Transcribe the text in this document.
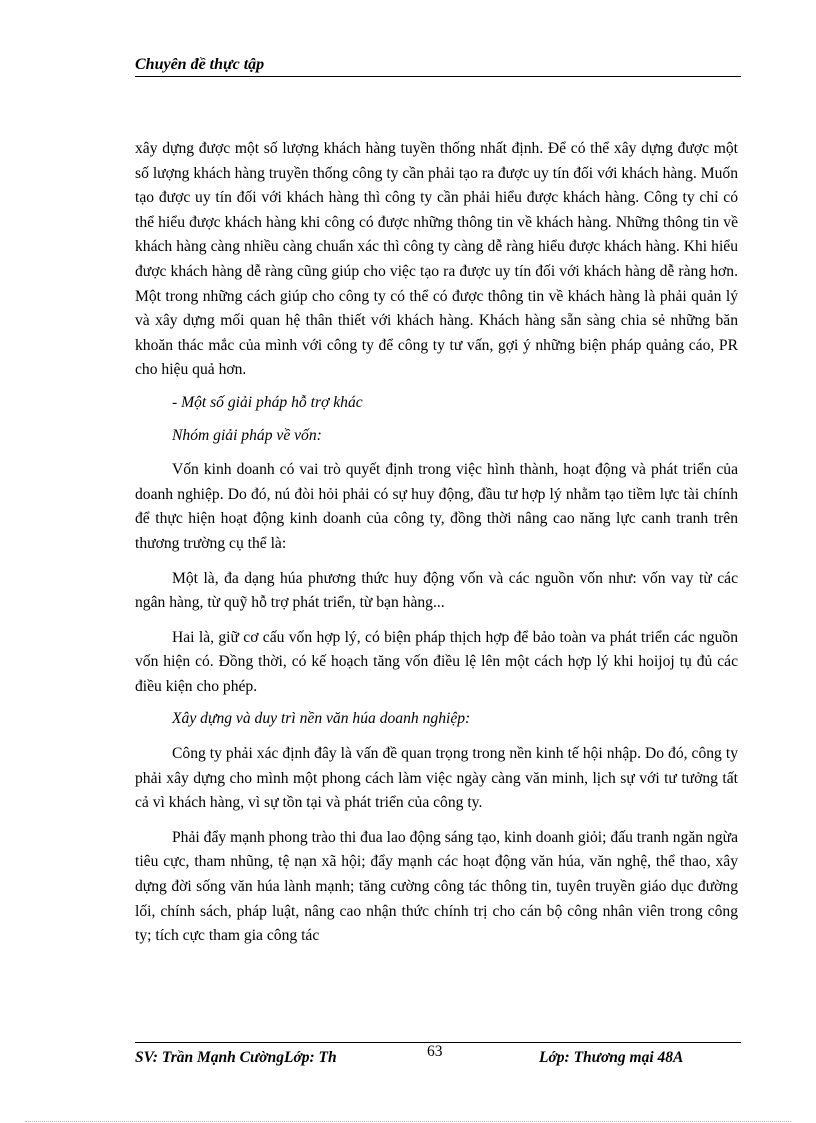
Chuyên đề thực tập

xây dựng được một số lượng khách hàng tuyền thống nhất định. Để có thể xây dựng được một số lượng khách hàng truyền thống công ty cần phải tạo ra được uy tín đối với khách hàng. Muốn tạo được uy tín đối với khách hàng thì công ty cần phải hiểu được khách hàng. Công ty chỉ có thể hiểu được khách hàng khi công có được những thông tin về khách hàng. Những thông tin về khách hàng càng nhiều càng chuẩn xác thì công ty càng dễ ràng hiểu được khách hàng. Khi hiểu được khách hàng dễ ràng cũng giúp cho việc tạo ra được uy tín đối với khách hàng dễ ràng hơn. Một trong những cách giúp cho công ty có thể có được thông tin về khách hàng là phải quản lý và xây dựng mối quan hệ thân thiết với khách hàng. Khách hàng sẵn sàng chia sẻ những băn khoăn thác mắc của mình với công ty để công ty tư vấn, gợi ý những biện pháp quảng cáo, PR cho hiệu quả hơn.

- Một số giải pháp hỗ trợ khác

Nhóm giải pháp về vốn:

Vốn kinh doanh có vai trò quyết định trong việc hình thành, hoạt động và phát triển của doanh nghiệp. Do đó, nú đòi hỏi phải có sự huy động, đầu tư hợp lý nhằm tạo tiềm lực tài chính để thực hiện hoạt động kinh doanh của công ty, đồng thời nâng cao năng lực canh tranh trên thương trường cụ thể là:

Một là, đa dạng húa phương thức huy động vốn và các nguồn vốn như: vốn vay từ các ngân hàng, từ quỹ hỗ trợ phát triển, từ bạn hàng...

Hai là, giữ cơ cấu vốn hợp lý, có biện pháp thịch hợp để bảo toàn va phát triển các nguồn vốn hiện có. Đồng thời, có kế hoạch tăng vốn điều lệ lên một cách hợp lý khi hoijoj tụ đủ các điều kiện cho phép.

Xây dựng và duy trì nền văn húa doanh nghiệp:

Công ty phải xác định đây là vấn đề quan trọng trong nền kinh tế hội nhập. Do đó, công ty phải xây dựng cho mình một phong cách làm việc ngày càng văn minh, lịch sự với tư tưởng tất cả vì khách hàng, vì sự tồn tại và phát triển của công ty.

Phải đẩy mạnh phong trào thi đua lao động sáng tạo, kinh doanh giỏi; đấu tranh ngăn ngừa tiêu cực, tham nhũng, tệ nạn xã hội; đẩy mạnh các hoạt động văn húa, văn nghệ, thể thao, xây dựng đời sống văn húa lành mạnh; tăng cường công tác thông tin, tuyên truyền giáo dục đường lối, chính sách, pháp luật, nâng cao nhận thức chính trị cho cán bộ công nhân viên trong công ty; tích cực tham gia công tác

SV: Trần Mạnh CườngLớp: Th	63	Lớp: Thương mại 48A
